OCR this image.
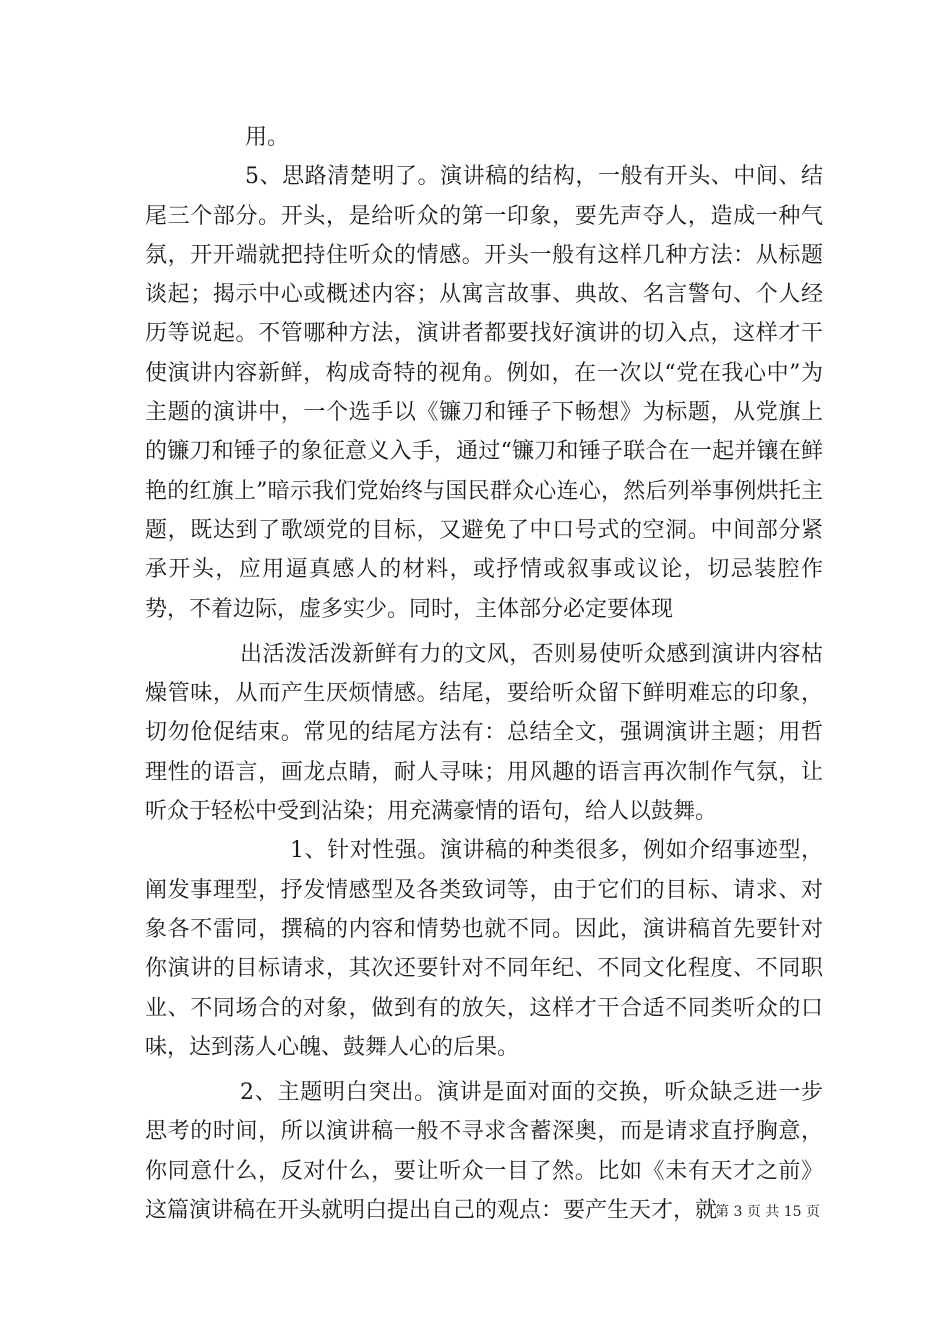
用。

5、思路清楚明了。演讲稿的结构，一般有开头、中间、结尾三个部分。开头，是给听众的第一印象，要先声夺人，造成一种气氛，开开端就把持住听众的情感。开头一般有这样几种方法：从标题谈起；揭示中心或概述内容；从寓言故事、典故、名言警句、个人经历等说起。不管哪种方法，演讲者都要找好演讲的切入点，这样才干使演讲内容新鲜，构成奇特的视角。例如，在一次以“党在我心中”为主题的演讲中，一个选手以《镰刀和锤子下畅想》为标题，从党旗上的镰刀和锤子的象征意义入手，通过“镰刀和锤子联合在一起并镶在鲜艳的红旗上”暗示我们党始终与国民群众心连心，然后列举事例烘托主题，既达到了歌颂党的目标，又避免了中口号式的空洞。中间部分紧承开头，应用逼真感人的材料，或抒情或叙事或议论，切忌装腔作势，不着边际，虚多实少。同时，主体部分必定要体现

出活泼活泼新鲜有力的文风，否则易使听众感到演讲内容枯燥管味，从而产生厌烦情感。结尾，要给听众留下鲜明难忘的印象，切勿伧促结束。常见的结尾方法有：总结全文，强调演讲主题；用哲理性的语言，画龙点睛，耐人寻味；用风趣的语言再次制作气氛，让听众于轻松中受到沾染；用充满豪情的语句，给人以鼓舞。

1、针对性强。演讲稿的种类很多，例如介绍事迹型，阐发事理型，抒发情感型及各类致词等，由于它们的目标、请求、对象各不雷同，撰稿的内容和情势也就不同。因此，演讲稿首先要针对你演讲的目标请求，其次还要针对不同年纪、不同文化程度、不同职业、不同场合的对象，做到有的放矢，这样才干合适不同类听众的口味，达到荡人心魄、鼓舞人心的后果。

2、主题明白突出。演讲是面对面的交换，听众缺乏进一步思考的时间，所以演讲稿一般不寻求含蓄深奥，而是请求直抒胸意，你同意什么，反对什么，要让听众一目了然。比如《未有天才之前》这篇演讲稿在开头就明白提出自己的观点：要产生天才，就

第 3 页 共 15 页
